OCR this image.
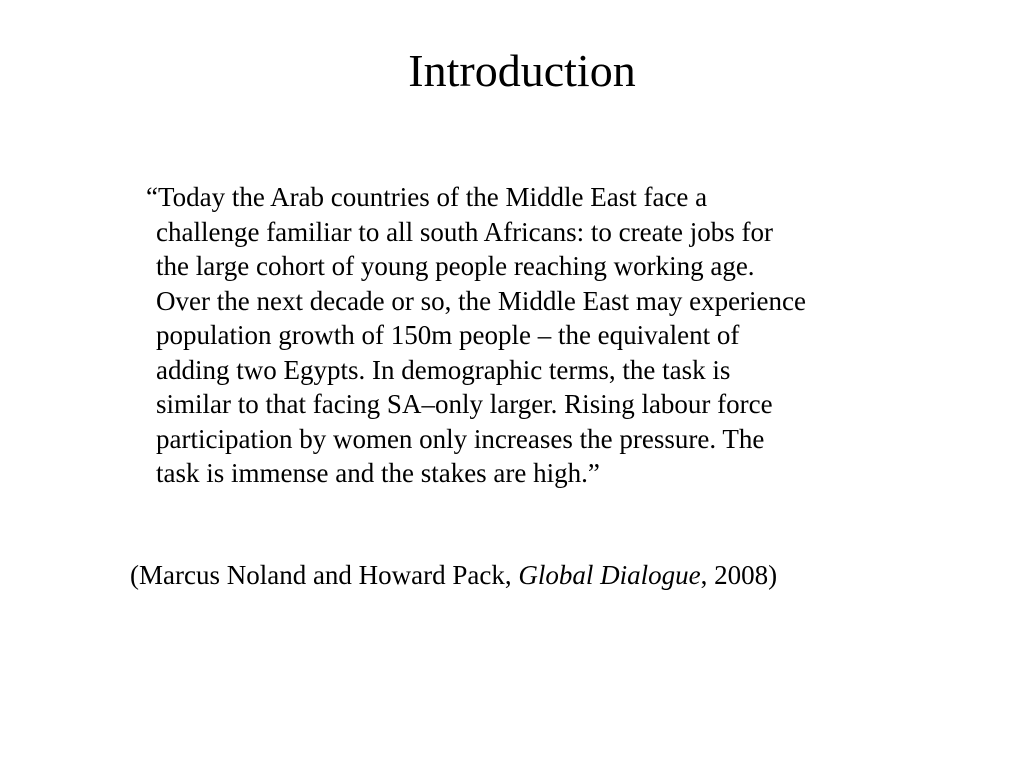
Introduction
“Today the Arab countries of the Middle East face a
challenge familiar to all south Africans: to create jobs for
the large cohort of young people reaching working age.
Over the next decade or so, the Middle East may experience
population growth of 150m people – the equivalent of
adding two Egypts. In demographic terms, the task is
similar to that facing SA–only larger. Rising labour force
participation by women only increases the pressure. The
task is immense and the stakes are high.”
(Marcus Noland and Howard Pack, Global Dialogue, 2008)
